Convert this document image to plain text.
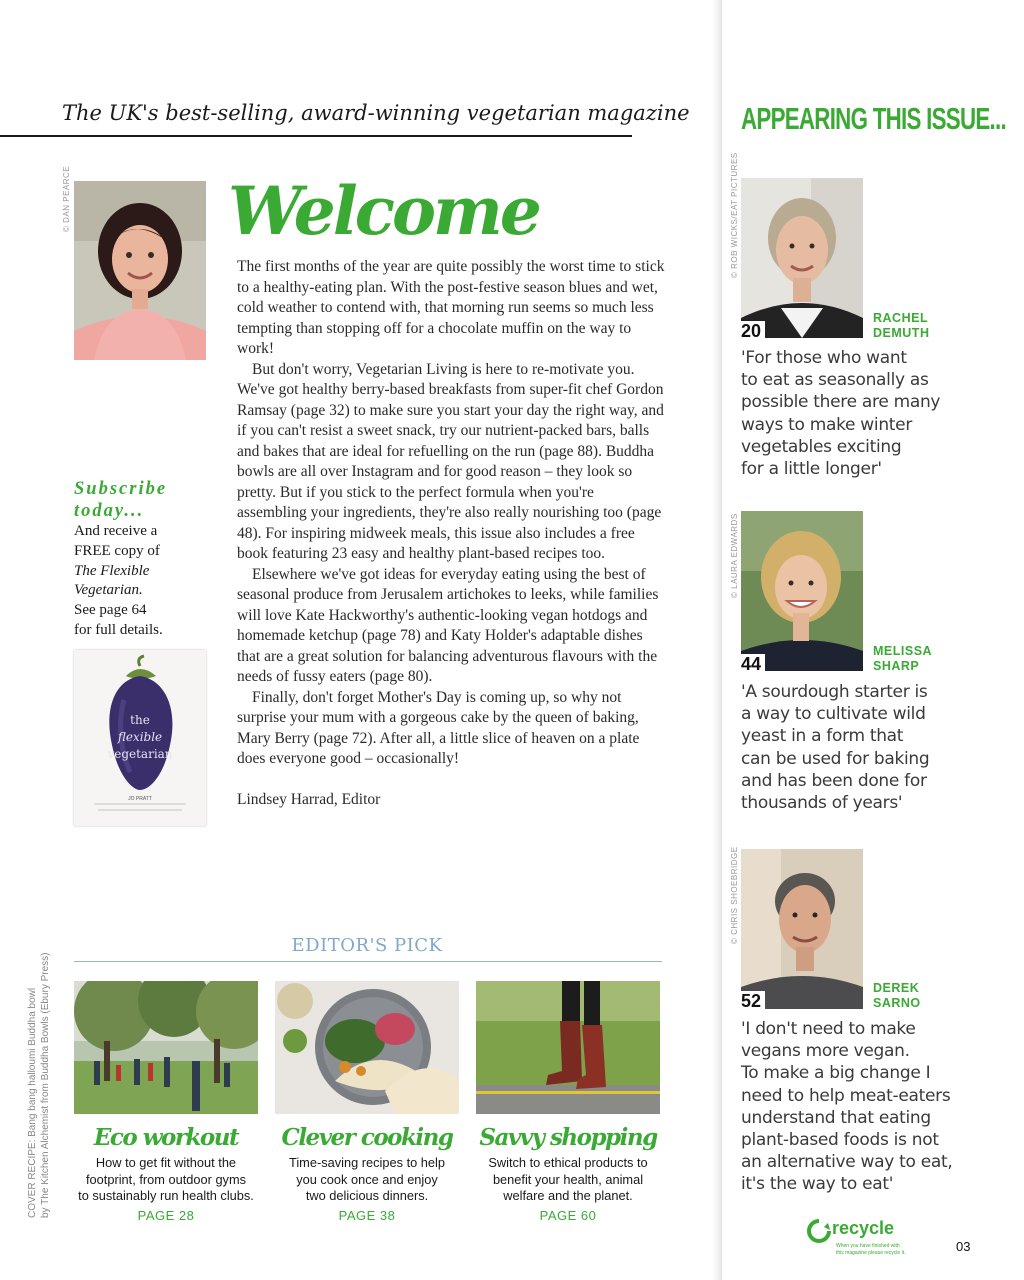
The UK's best-selling, award-winning vegetarian magazine APPEARING THIS ISSUE...
© DAN PEARCE Welcome

The first months of the year are quite possibly the worst time to stick to a healthy-eating plan. With the post-festive season blues and wet, cold weather to contend with, that morning run seems so much less tempting than stopping off for a chocolate muffin on the way to work!

But don't worry, Vegetarian Living is here to re-motivate you. We've got healthy berry-based breakfasts from super-fit chef Gordon Ramsay (page 32) to make sure you start your day the right way, and if you can't resist a sweet snack, try our nutrient-packed bars, balls and bakes that are ideal for refuelling on the run (page 88). Buddha bowls are all over Instagram and for good reason – they look so pretty. But if you stick to the perfect formula when you're assembling your ingredients, they're also really nourishing too (page 48). For inspiring midweek meals, this issue also includes a free book featuring 23 easy and healthy plant-based recipes too.

Elsewhere we've got ideas for everyday eating using the best of seasonal produce from Jerusalem artichokes to leeks, while families will love Kate Hackworthy's authentic-looking vegan hotdogs and homemade ketchup (page 78) and Katy Holder's adaptable dishes that are a great solution for balancing adventurous flavours with the needs of fussy eaters (page 80).

Finally, don't forget Mother's Day is coming up, so why not surprise your mum with a gorgeous cake by the queen of baking, Mary Berry (page 72). After all, a little slice of heaven on a plate does everyone good – occasionally!

Lindsey Harrad, Editor

Subscribe
today...
And receive a
FREE copy of
The Flexible
Vegetarian.
See page 64
for full details.
the
flexible
vegetarian
JO PRATT
COVER RECIPE: Bang bang halloumi Buddha bowl by The Kitchen Alchemist from Buddha Bowls (Ebury Press)
EDITOR'S PICK
Eco workout
How to get fit without the
footprint, from outdoor gyms
to sustainably run health clubs.
PAGE 28
Clever cooking
Time-saving recipes to help
you cook once and enjoy
two delicious dinners.
PAGE 38
Savvy shopping
Switch to ethical products to
benefit your health, animal
welfare and the planet.
PAGE 60
© ROB WICKS/EAT PICTURES
20
RACHEL
DEMUTH
'For those who want
to eat as seasonally as
possible there are many
ways to make winter
vegetables exciting
for a little longer'
© LAURA EDWARDS
44
MELISSA
SHARP
'A sourdough starter is
a way to cultivate wild
yeast in a form that
can be used for baking
and has been done for
thousands of years'
© CHRIS SHOEBRIDGE
52
DEREK
SARNO
'I don't need to make
vegans more vegan.
To make a big change I
need to help meat-eaters
understand that eating
plant-based foods is not
an alternative way to eat,
it's the way to eat'
recycle
When you have finished with
this magazine please recycle it.	03
